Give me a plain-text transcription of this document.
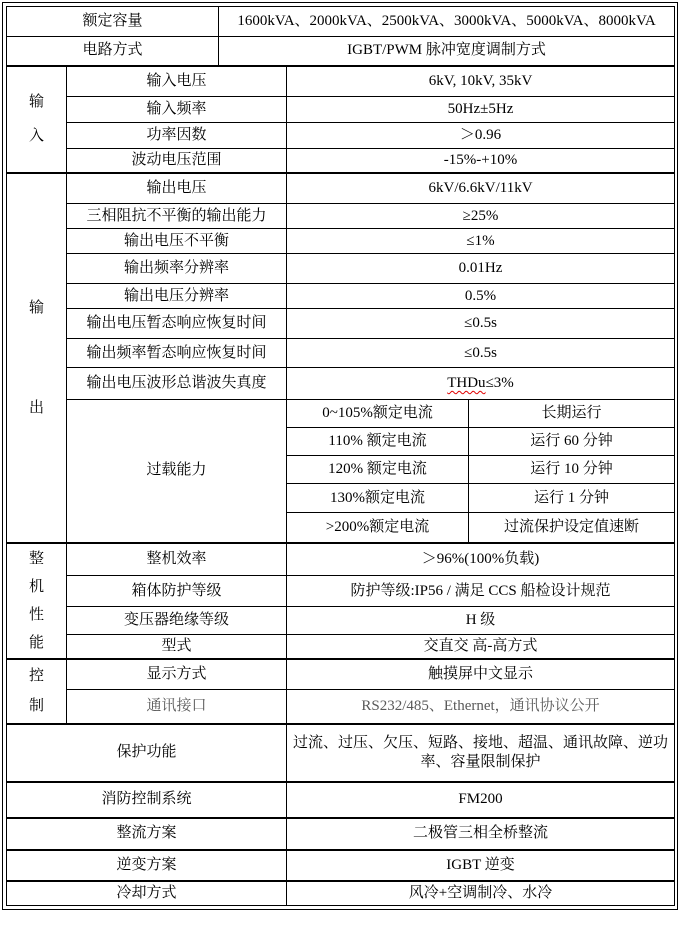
额定容量		1600kVA、2000kVA、2500kVA、3000kVA、5000kVA、8000kVA		
电路方式		IGBT/PWM 脉冲宽度调制方式		

输入	输入电压		6kV, 10kV, 35kV	
	输入频率		50Hz±5Hz	
	功率因数		＞0.96	
	波动电压范围		-15%-+10%	

输出	输出电压		6kV/6.6kV/11kV	
	三相阻抗不平衡的输出能力		≥25%	
	输出电压不平衡		≤1%	
	输出频率分辨率		0.01Hz	
	输出电压分辨率		0.5%	
	输出电压暂态响应恢复时间		≤0.5s	
	输出频率暂态响应恢复时间		≤0.5s	
	输出电压波形总谐波失真度		THDu≤3%	
	过载能力		0~105%额定电流	长期运行
			110% 额定电流	运行 60 分钟
			120% 额定电流	运行 10 分钟
			130%额定电流	运行 1 分钟
			>200%额定电流	过流保护设定值速断

整机性能	整机效率		＞96%(100%负载)	
	箱体防护等级		防护等级:IP56 / 满足 CCS 船检设计规范	
	变压器绝缘等级		H 级	
	型式		交直交 高-高方式	

控制	显示方式		触摸屏中文显示	
	通讯接口		RS232/485、Ethernet，通讯协议公开	
保护功能			过流、过压、欠压、短路、接地、超温、通讯故障、逆功率、容量限制保护	
消防控制系统			FM200	
整流方案			二极管三相全桥整流	
逆变方案			IGBT 逆变	
冷却方式			风冷+空调制冷、水冷	
